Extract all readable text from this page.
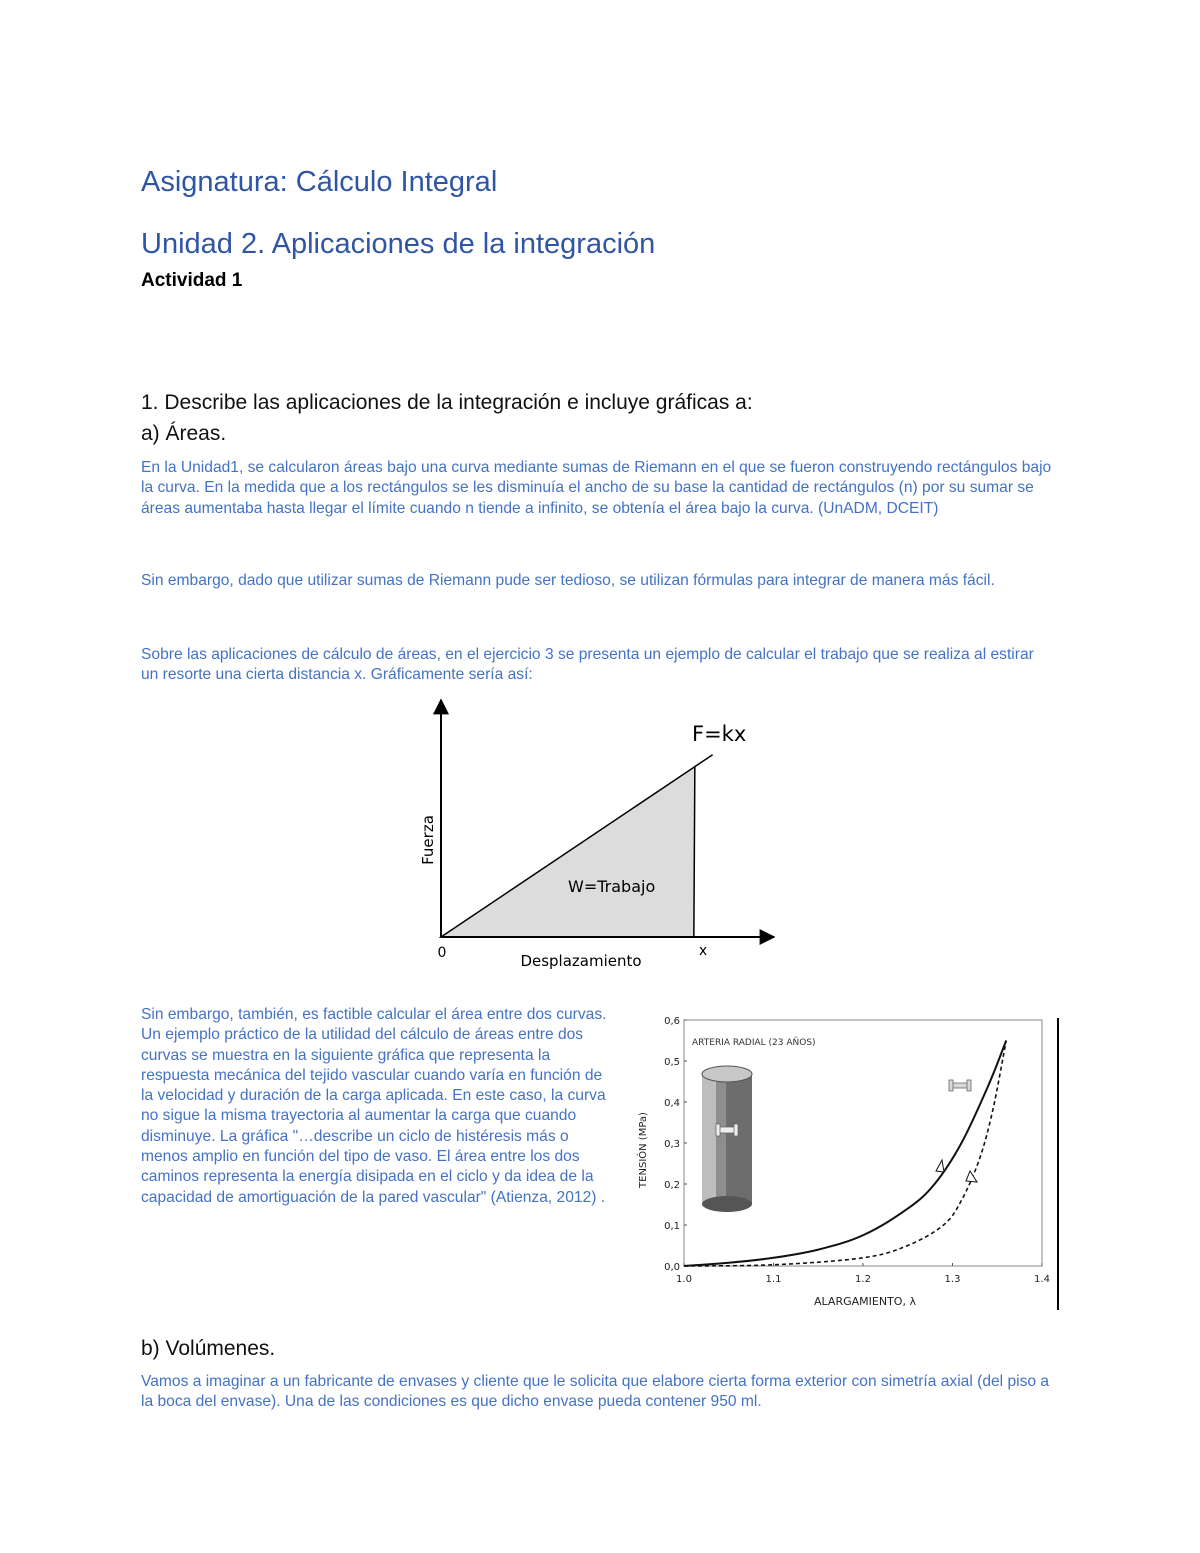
Asignatura: Cálculo Integral
Unidad 2. Aplicaciones de la integración
Actividad 1
1. Describe las aplicaciones de la integración e incluye gráficas a:
a) Áreas.

En la Unidad1, se calcularon áreas bajo una curva mediante sumas de Riemann en el que se fueron construyendo rectángulos bajo la curva. En la medida que a los rectángulos se les disminuía el ancho de su base la cantidad de rectángulos (n) por su sumar se áreas aumentaba hasta llegar el límite cuando n tiende a infinito, se obtenía el área bajo la curva. (UnADM, DCEIT)

Sin embargo, dado que utilizar sumas de Riemann pude ser tedioso, se utilizan fórmulas para integrar de manera más fácil.

Sobre las aplicaciones de cálculo de áreas, en el ejercicio 3 se presenta un ejemplo de calcular el trabajo que se realiza al estirar un resorte una cierta distancia x. Gráficamente sería así:

F=kx
W=Trabajo
Fuerza
Desplazamiento
0	x

Sin embargo, también, es factible calcular el área entre dos curvas. Un ejemplo práctico de la utilidad del cálculo de áreas entre dos curvas se muestra en la siguiente gráfica que representa la respuesta mecánica del tejido vascular cuando varía en función de la velocidad y duración de la carga aplicada. En este caso, la curva no sigue la misma trayectoria al aumentar la carga que cuando disminuye. La gráfica "…describe un ciclo de histéresis más o menos amplio en función del tipo de vaso. El área entre los dos caminos representa la energía disipada en el ciclo y da idea de la capacidad de amortiguación de la pared vascular" (Atienza, 2012) .

1.0	1.1	1.2	1.3	1.4
0,0
0,1
0,2
0,3
0,4
0,5
0,6
ARTERIA RADIAL (23 AÑOS)
TENSIÓN (MPa)
ALARGAMIENTO, λ
b) Volúmenes.

Vamos a imaginar a un fabricante de envases y cliente que le solicita que elabore cierta forma exterior con simetría axial (del piso a la boca del envase). Una de las condiciones es que dicho envase pueda contener 950 ml.
